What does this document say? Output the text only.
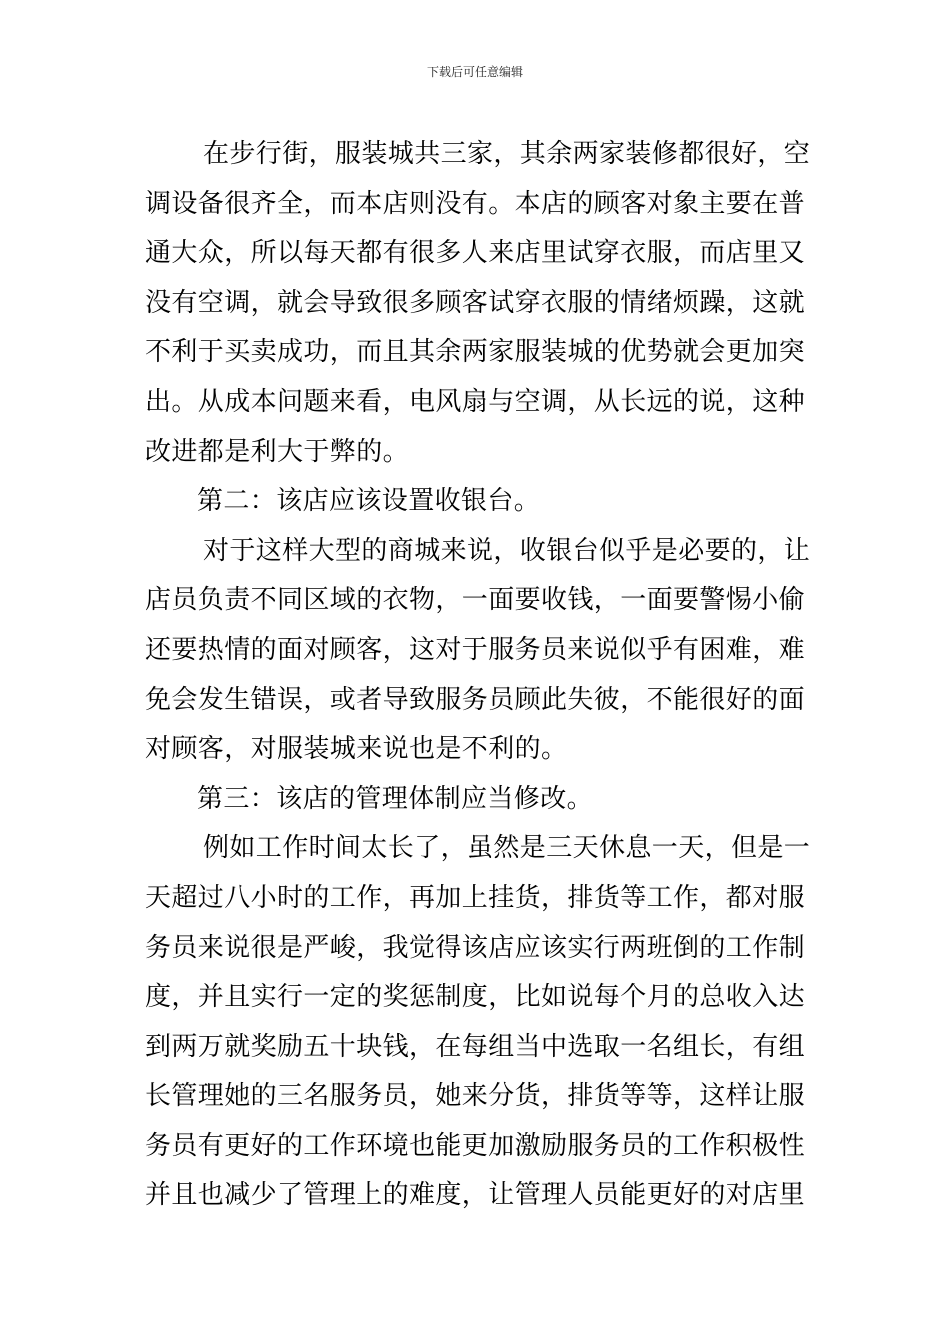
下载后可任意编辑
在步行街，服装城共三家，其余两家装修都很好，空
调设备很齐全，而本店则没有。本店的顾客对象主要在普
通大众，所以每天都有很多人来店里试穿衣服，而店里又
没有空调，就会导致很多顾客试穿衣服的情绪烦躁，这就
不利于买卖成功，而且其余两家服装城的优势就会更加突
出。从成本问题来看，电风扇与空调，从长远的说，这种
改进都是利大于弊的。
第二：该店应该设置收银台。
对于这样大型的商城来说，收银台似乎是必要的，让
店员负责不同区域的衣物，一面要收钱，一面要警惕小偷
还要热情的面对顾客，这对于服务员来说似乎有困难，难
免会发生错误，或者导致服务员顾此失彼，不能很好的面
对顾客，对服装城来说也是不利的。
第三：该店的管理体制应当修改。
例如工作时间太长了，虽然是三天休息一天，但是一
天超过八小时的工作，再加上挂货，排货等工作，都对服
务员来说很是严峻，我觉得该店应该实行两班倒的工作制
度，并且实行一定的奖惩制度，比如说每个月的总收入达
到两万就奖励五十块钱，在每组当中选取一名组长，有组
长管理她的三名服务员，她来分货，排货等等，这样让服
务员有更好的工作环境也能更加激励服务员的工作积极性
并且也减少了管理上的难度，让管理人员能更好的对店里
